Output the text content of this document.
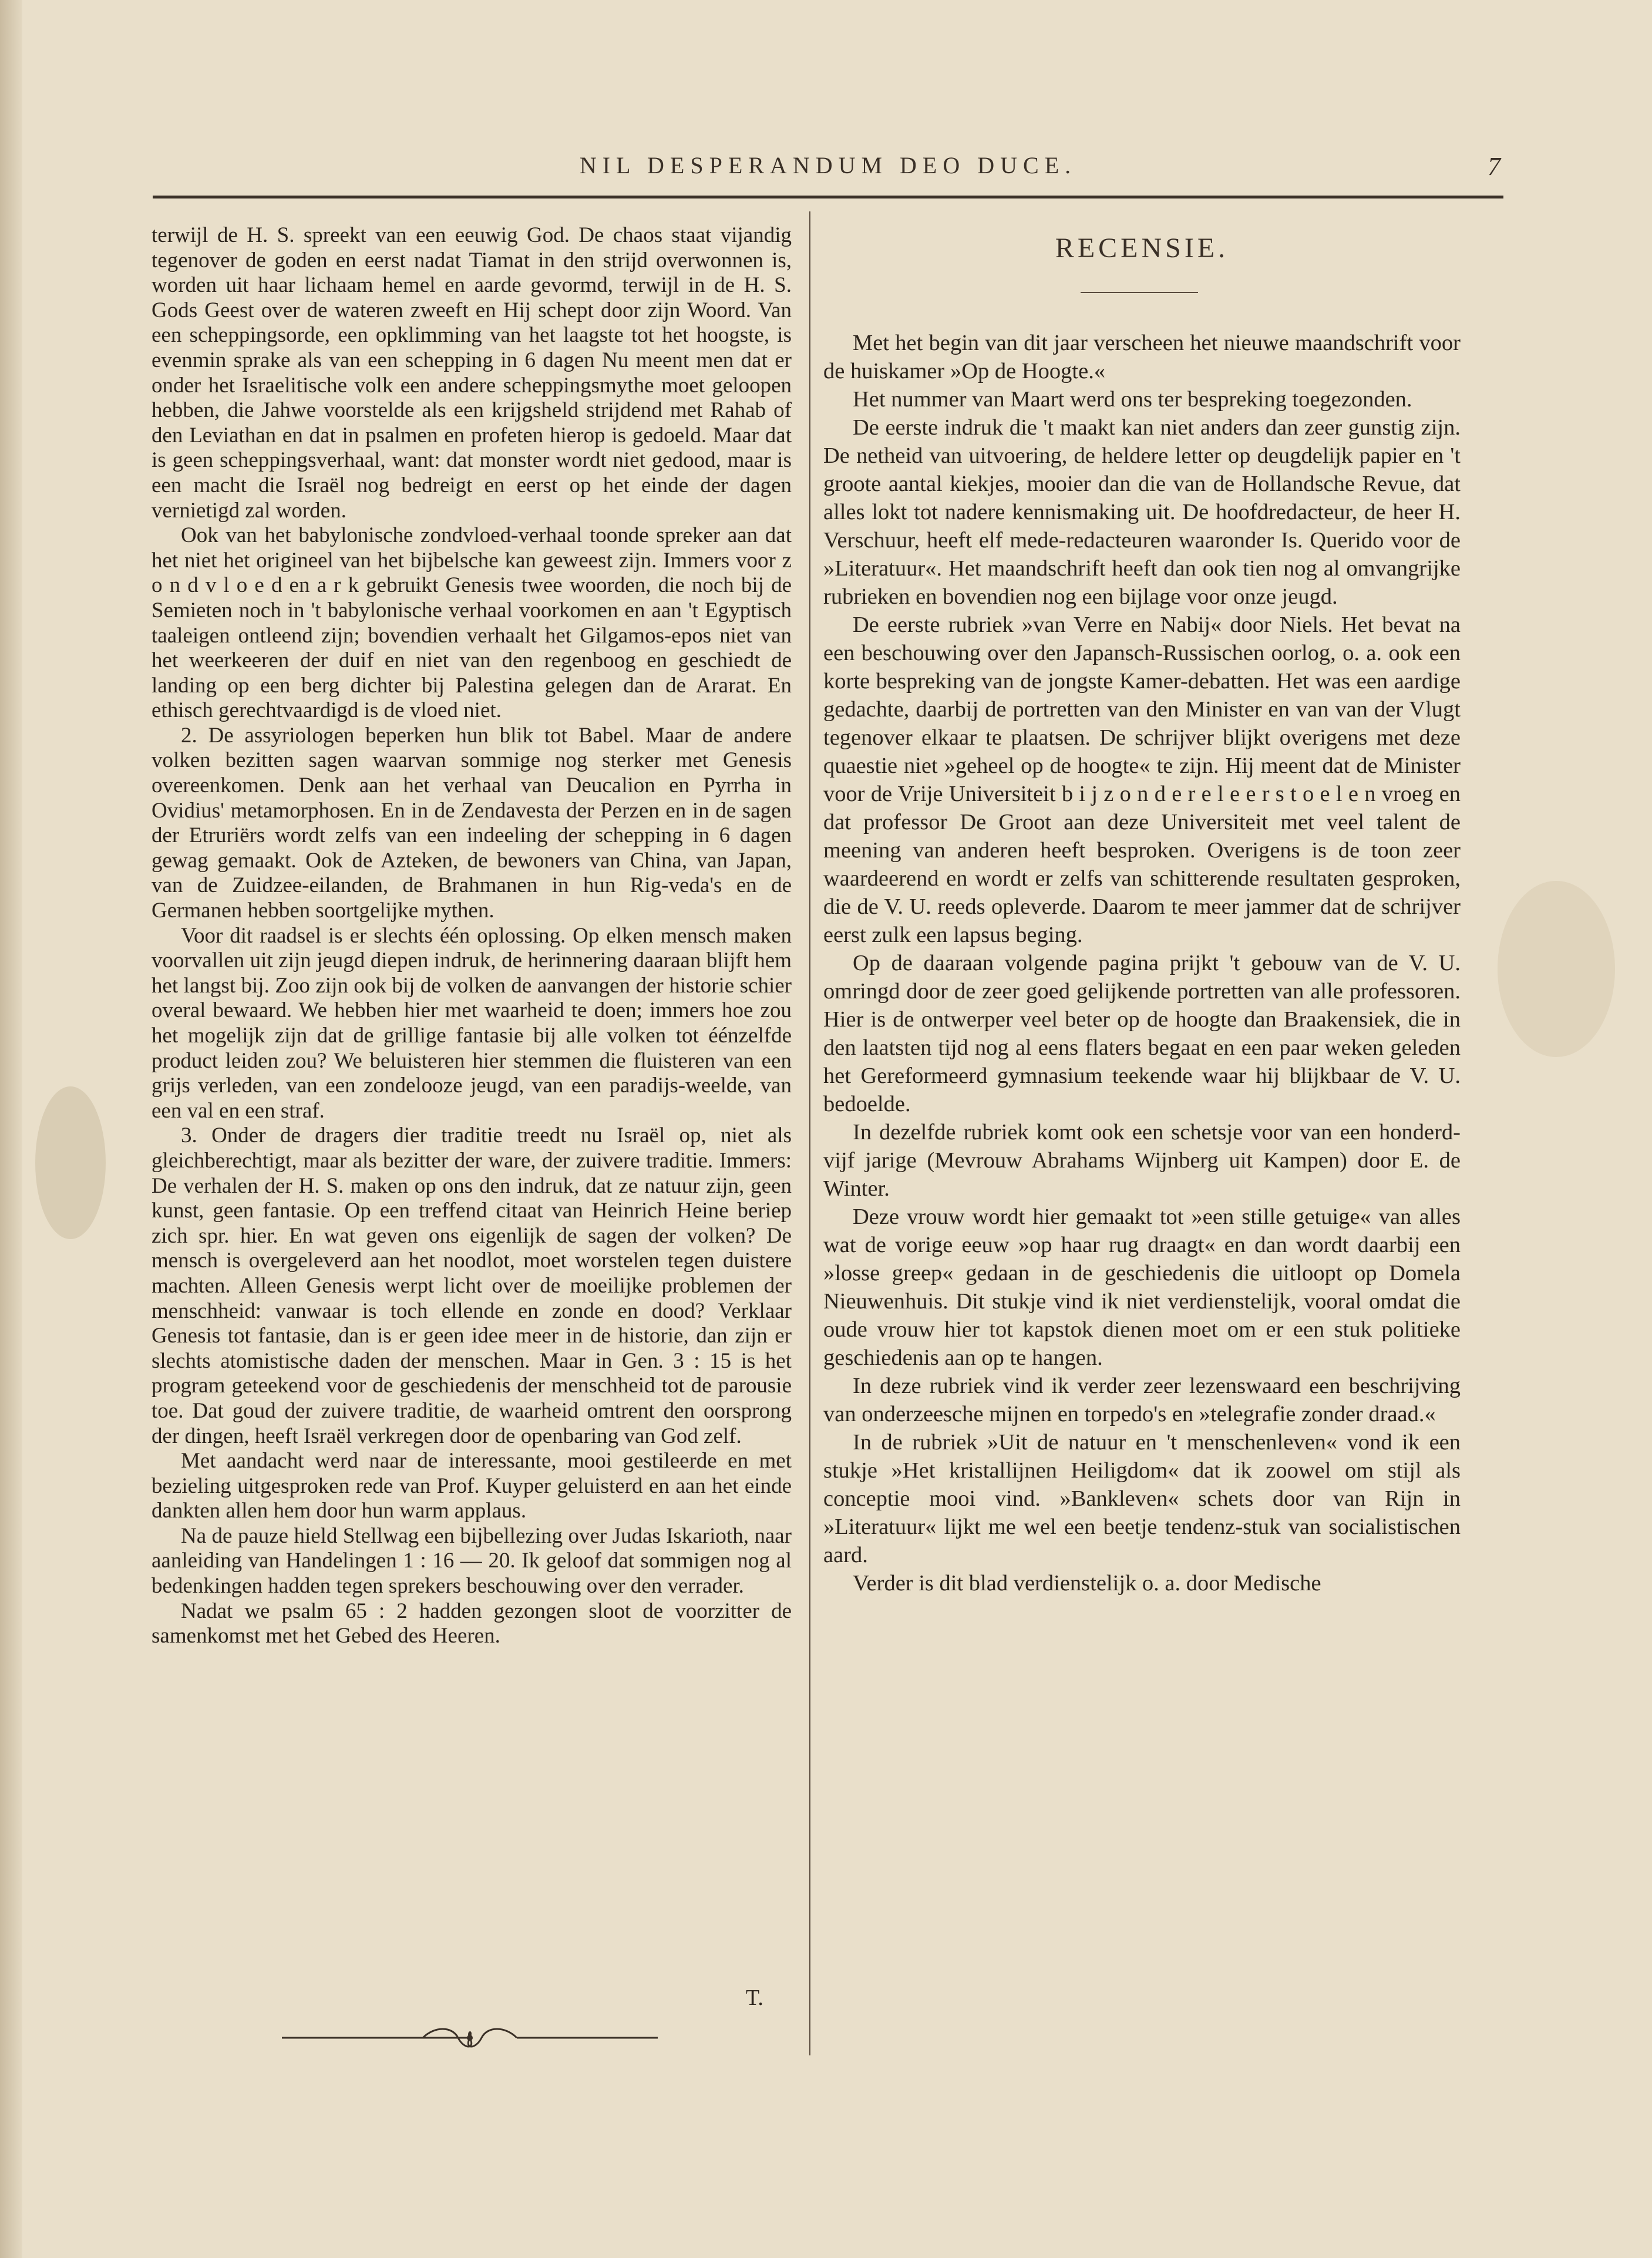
NIL DESPERANDUM DEO DUCE.	7

terwijl de H. S. spreekt van een eeuwig God. De chaos staat vijandig tegenover de goden en eerst nadat Tiamat in den strijd overwonnen is, worden uit haar lichaam hemel en aarde gevormd, terwijl in de H. S. Gods Geest over de wateren zweeft en Hij schept door zijn Woord. Van een scheppingsorde, een opklimming van het laagste tot het hoogste, is evenmin sprake als van een schepping in 6 dagen Nu meent men dat er onder het Israelitische volk een andere scheppingsmythe moet geloopen hebben, die Jahwe voorstelde als een krijgsheld strijdend met Rahab of den Leviathan en dat in psalmen en profeten hierop is gedoeld. Maar dat is geen scheppingsverhaal, want: dat monster wordt niet gedood, maar is een macht die Israël nog bedreigt en eerst op het einde der dagen vernietigd zal worden.

Ook van het babylonische zondvloed-verhaal toonde spreker aan dat het niet het origineel van het bijbelsche kan geweest zijn. Immers voor z o n d v l o e d en a r k gebruikt Genesis twee woorden, die noch bij de Semieten noch in 't babylonische verhaal voorkomen en aan 't Egyptisch taaleigen ontleend zijn; bovendien verhaalt het Gilgamos-epos niet van het weerkeeren der duif en niet van den regenboog en geschiedt de landing op een berg dichter bij Palestina gelegen dan de Ararat. En ethisch gerechtvaardigd is de vloed niet.

2. De assyriologen beperken hun blik tot Babel. Maar de andere volken bezitten sagen waarvan sommige nog sterker met Genesis overeenkomen. Denk aan het verhaal van Deucalion en Pyrrha in Ovidius' metamorphosen. En in de Zendavesta der Perzen en in de sagen der Etruriërs wordt zelfs van een indeeling der schepping in 6 dagen gewag gemaakt. Ook de Azteken, de bewoners van China, van Japan, van de Zuidzee-eilanden, de Brahmanen in hun Rig-veda's en de Germanen hebben soortgelijke mythen.

Voor dit raadsel is er slechts één oplossing. Op elken mensch maken voorvallen uit zijn jeugd diepen indruk, de herinnering daaraan blijft hem het langst bij. Zoo zijn ook bij de volken de aanvangen der historie schier overal bewaard. We hebben hier met waarheid te doen; immers hoe zou het mogelijk zijn dat de grillige fantasie bij alle volken tot éénzelfde product leiden zou? We beluisteren hier stemmen die fluisteren van een grijs verleden, van een zondelooze jeugd, van een paradijs-weelde, van een val en een straf.

3. Onder de dragers dier traditie treedt nu Israël op, niet als gleichberechtigt, maar als bezitter der ware, der zuivere traditie. Immers: De verhalen der H. S. maken op ons den indruk, dat ze natuur zijn, geen kunst, geen fantasie. Op een treffend citaat van Heinrich Heine beriep zich spr. hier. En wat geven ons eigenlijk de sagen der volken? De mensch is overgeleverd aan het noodlot, moet worstelen tegen duistere machten. Alleen Genesis werpt licht over de moeilijke problemen der menschheid: vanwaar is toch ellende en zonde en dood? Verklaar Genesis tot fantasie, dan is er geen idee meer in de historie, dan zijn er slechts atomistische daden der menschen. Maar in Gen. 3 : 15 is het program geteekend voor de geschiedenis der menschheid tot de parousie toe. Dat goud der zuivere traditie, de waarheid omtrent den oorsprong der dingen, heeft Israël verkregen door de openbaring van God zelf.

Met aandacht werd naar de interessante, mooi gestileerde en met bezieling uitgesproken rede van Prof. Kuyper geluisterd en aan het einde dankten allen hem door hun warm applaus.

Na de pauze hield Stellwag een bijbellezing over Judas Iskarioth, naar aanleiding van Handelingen 1 : 16 — 20. Ik geloof dat sommigen nog al bedenkingen hadden tegen sprekers beschouwing over den verrader.

Nadat we psalm 65 : 2 hadden gezongen sloot de voorzitter de samenkomst met het Gebed des Heeren.

T.
RECENSIE.

Met het begin van dit jaar verscheen het nieuwe maandschrift voor de huiskamer »Op de Hoogte.«

Het nummer van Maart werd ons ter bespreking toegezonden.

De eerste indruk die 't maakt kan niet anders dan zeer gunstig zijn. De netheid van uitvoering, de heldere letter op deugdelijk papier en 't groote aantal kiekjes, mooier dan die van de Hollandsche Revue, dat alles lokt tot nadere kennismaking uit. De hoofdredacteur, de heer H. Verschuur, heeft elf mede-redacteuren waaronder Is. Querido voor de »Literatuur«. Het maandschrift heeft dan ook tien nog al omvangrijke rubrieken en bovendien nog een bijlage voor onze jeugd.

De eerste rubriek »van Verre en Nabij« door Niels. Het bevat na een beschouwing over den Japansch-Russischen oorlog, o. a. ook een korte bespreking van de jongste Kamer-debatten. Het was een aardige gedachte, daarbij de portretten van den Minister en van van der Vlugt tegenover elkaar te plaatsen. De schrijver blijkt overigens met deze quaestie niet »geheel op de hoogte« te zijn. Hij meent dat de Minister voor de Vrije Universiteit b i j z o n d e r e l e e r s t o e l e n vroeg en dat professor De Groot aan deze Universiteit met veel talent de meening van anderen heeft besproken. Overigens is de toon zeer waardeerend en wordt er zelfs van schitterende resultaten gesproken, die de V. U. reeds opleverde. Daarom te meer jammer dat de schrijver eerst zulk een lapsus beging.

Op de daaraan volgende pagina prijkt 't gebouw van de V. U. omringd door de zeer goed gelijkende portretten van alle professoren. Hier is de ontwerper veel beter op de hoogte dan Braakensiek, die in den laatsten tijd nog al eens flaters begaat en een paar weken geleden het Gereformeerd gymnasium teekende waar hij blijkbaar de V. U. bedoelde.

In dezelfde rubriek komt ook een schetsje voor van een honderd-vijf jarige (Mevrouw Abrahams Wijnberg uit Kampen) door E. de Winter.

Deze vrouw wordt hier gemaakt tot »een stille getuige« van alles wat de vorige eeuw »op haar rug draagt« en dan wordt daarbij een »losse greep« gedaan in de geschiedenis die uitloopt op Domela Nieuwenhuis. Dit stukje vind ik niet verdienstelijk, vooral omdat die oude vrouw hier tot kapstok dienen moet om er een stuk politieke geschiedenis aan op te hangen.

In deze rubriek vind ik verder zeer lezenswaard een beschrijving van onderzeesche mijnen en torpedo's en »telegrafie zonder draad.«

In de rubriek »Uit de natuur en 't menschenleven« vond ik een stukje »Het kristallijnen Heiligdom« dat ik zoowel om stijl als conceptie mooi vind. »Bankleven« schets door van Rijn in »Literatuur« lijkt me wel een beetje tendenz-stuk van socialistischen aard.

Verder is dit blad verdienstelijk o. a. door Medische
